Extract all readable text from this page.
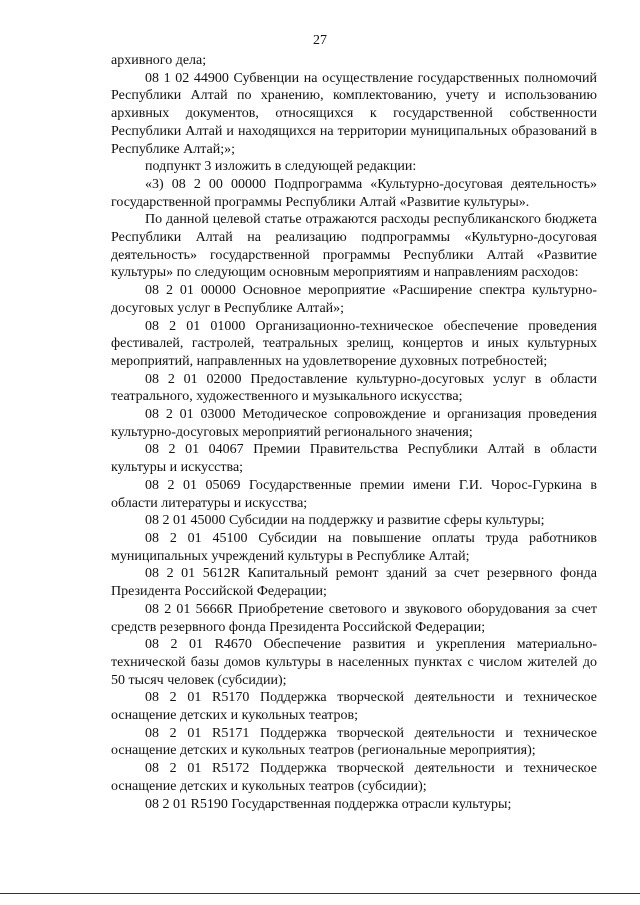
27

архивного дела;

08 1 02 44900 Субвенции на осуществление государственных полномочий Республики Алтай по хранению, комплектованию, учету и использованию архивных документов, относящихся к государственной собственности Республики Алтай и находящихся на территории муниципальных образований в Республике Алтай;»;

подпункт 3 изложить в следующей редакции:

«3) 08 2 00 00000 Подпрограмма «Культурно-досуговая деятельность» государственной программы Республики Алтай «Развитие культуры».

По данной целевой статье отражаются расходы республиканского бюджета Республики Алтай на реализацию подпрограммы «Культурно-досуговая деятельность» государственной программы Республики Алтай «Развитие культуры» по следующим основным мероприятиям и направлениям расходов:

08 2 01 00000 Основное мероприятие «Расширение спектра культурно-досуговых услуг в Республике Алтай»;

08 2 01 01000 Организационно-техническое обеспечение проведения фестивалей, гастролей, театральных зрелищ, концертов и иных культурных мероприятий, направленных на удовлетворение духовных потребностей;

08 2 01 02000 Предоставление культурно-досуговых услуг в области театрального, художественного и музыкального искусства;

08 2 01 03000 Методическое сопровождение и организация проведения культурно-досуговых мероприятий регионального значения;

08 2 01 04067 Премии Правительства Республики Алтай в области культуры и искусства;

08 2 01 05069 Государственные премии имени Г.И. Чорос-Гуркина в области литературы и искусства;

08 2 01 45000 Субсидии на поддержку и развитие сферы культуры;

08 2 01 45100 Субсидии на повышение оплаты труда работников муниципальных учреждений культуры в Республике Алтай;

08 2 01 5612R Капитальный ремонт зданий за счет резервного фонда Президента Российской Федерации;

08 2 01 5666R Приобретение светового и звукового оборудования за счет средств резервного фонда Президента Российской Федерации;

08 2 01 R4670 Обеспечение развития и укрепления материально-технической базы домов культуры в населенных пунктах с числом жителей до 50 тысяч человек (субсидии);

08 2 01 R5170 Поддержка творческой деятельности и техническое оснащение детских и кукольных театров;

08 2 01 R5171 Поддержка творческой деятельности и техническое оснащение детских и кукольных театров (региональные мероприятия);

08 2 01 R5172 Поддержка творческой деятельности и техническое оснащение детских и кукольных театров (субсидии);

08 2 01 R5190 Государственная поддержка отрасли культуры;
